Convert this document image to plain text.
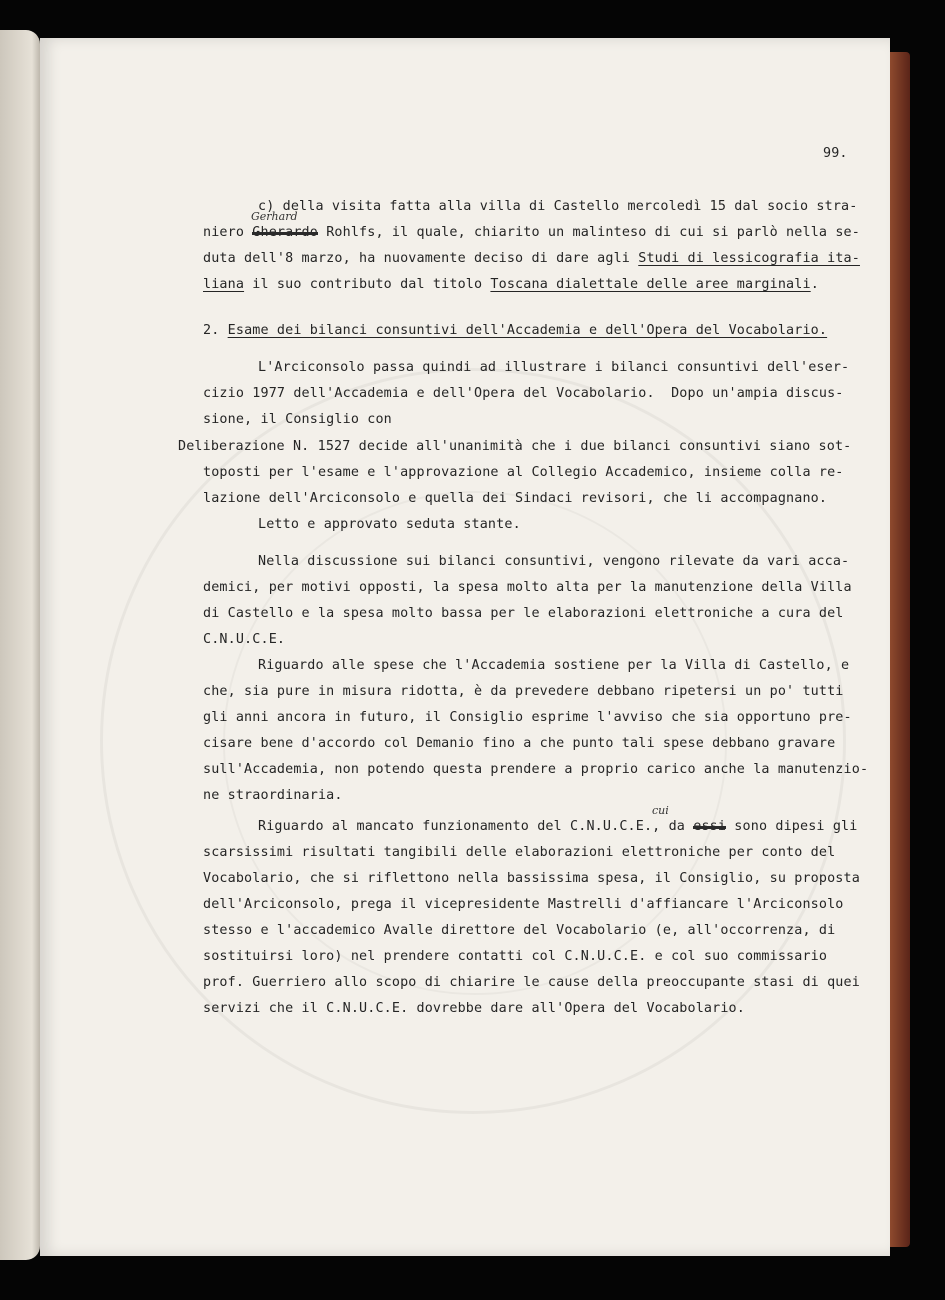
99.
c) della visita fatta alla villa di Castello mercoledì 15 dal socio stra-
Gerhard
niero Gherardo Rohlfs, il quale, chiarito un malinteso di cui si parlò nella se-
duta dell'8 marzo, ha nuovamente deciso di dare agli Studi di lessicografia ita-
liana il suo contributo dal titolo Toscana dialettale delle aree marginali.
2. Esame dei bilanci consuntivi dell'Accademia e dell'Opera del Vocabolario.
L'Arciconsolo passa quindi ad illustrare i bilanci consuntivi dell'eser-
cizio 1977 dell'Accademia e dell'Opera del Vocabolario.  Dopo un'ampia discus-
sione, il Consiglio con
Deliberazione N. 1527 decide all'unanimità che i due bilanci consuntivi siano sot-
toposti per l'esame e l'approvazione al Collegio Accademico, insieme colla re-
lazione dell'Arciconsolo e quella dei Sindaci revisori, che li accompagnano.
Letto e approvato seduta stante.
Nella discussione sui bilanci consuntivi, vengono rilevate da vari acca-
demici, per motivi opposti, la spesa molto alta per la manutenzione della Villa
di Castello e la spesa molto bassa per le elaborazioni elettroniche a cura del
C.N.U.C.E.
Riguardo alle spese che l'Accademia sostiene per la Villa di Castello, e
che, sia pure in misura ridotta, è da prevedere debbano ripetersi un po' tutti
gli anni ancora in futuro, il Consiglio esprime l'avviso che sia opportuno pre-
cisare bene d'accordo col Demanio fino a che punto tali spese debbano gravare
sull'Accademia, non potendo questa prendere a proprio carico anche la manutenzio-
ne straordinaria.
cui
Riguardo al mancato funzionamento del C.N.U.C.E., da essi sono dipesi gli
scarsissimi risultati tangibili delle elaborazioni elettroniche per conto del
Vocabolario, che si riflettono nella bassissima spesa, il Consiglio, su proposta
dell'Arciconsolo, prega il vicepresidente Mastrelli d'affiancare l'Arciconsolo
stesso e l'accademico Avalle direttore del Vocabolario (e, all'occorrenza, di
sostituirsi loro) nel prendere contatti col C.N.U.C.E. e col suo commissario
prof. Guerriero allo scopo di chiarire le cause della preoccupante stasi di quei
servizi che il C.N.U.C.E. dovrebbe dare all'Opera del Vocabolario.
